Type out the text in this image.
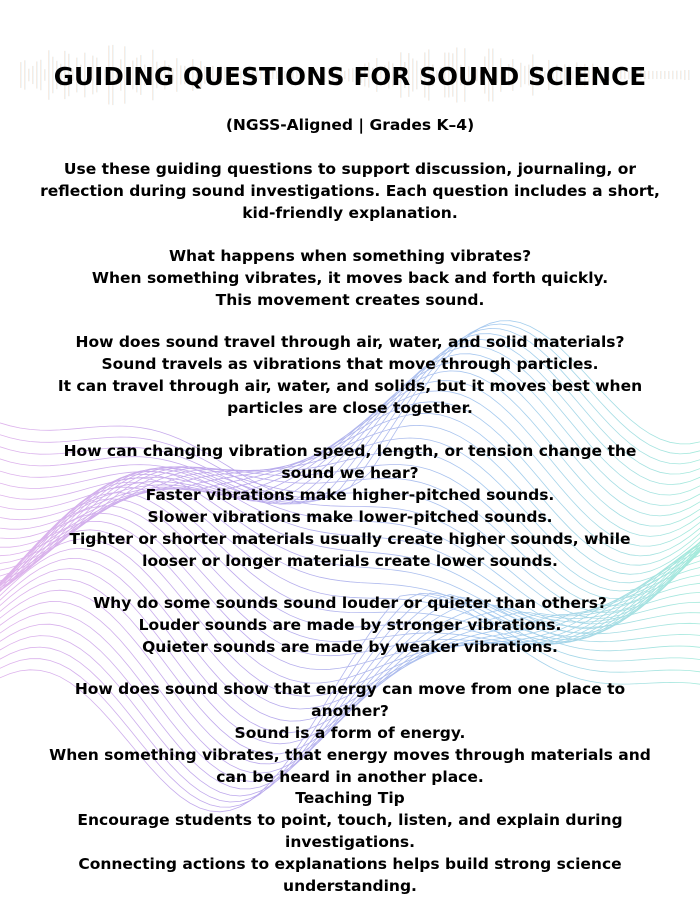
GUIDING QUESTIONS FOR SOUND SCIENCE
(NGSS-Aligned | Grades K–4)
Use these guiding questions to support discussion, journaling, or reflection during sound investigations. Each question includes a short, kid-friendly explanation.
What happens when something vibrates?
When something vibrates, it moves back and forth quickly.
This movement creates sound.
How does sound travel through air, water, and solid materials?
Sound travels as vibrations that move through particles.
It can travel through air, water, and solids, but it moves best when particles are close together.
How can changing vibration speed, length, or tension change the sound we hear?
Faster vibrations make higher-pitched sounds.
Slower vibrations make lower-pitched sounds.
Tighter or shorter materials usually create higher sounds, while looser or longer materials create lower sounds.
Why do some sounds sound louder or quieter than others?
Louder sounds are made by stronger vibrations.
Quieter sounds are made by weaker vibrations.
How does sound show that energy can move from one place to another?
Sound is a form of energy.
When something vibrates, that energy moves through materials and can be heard in another place.
Teaching Tip
Encourage students to point, touch, listen, and explain during investigations.
Connecting actions to explanations helps build strong science understanding.
